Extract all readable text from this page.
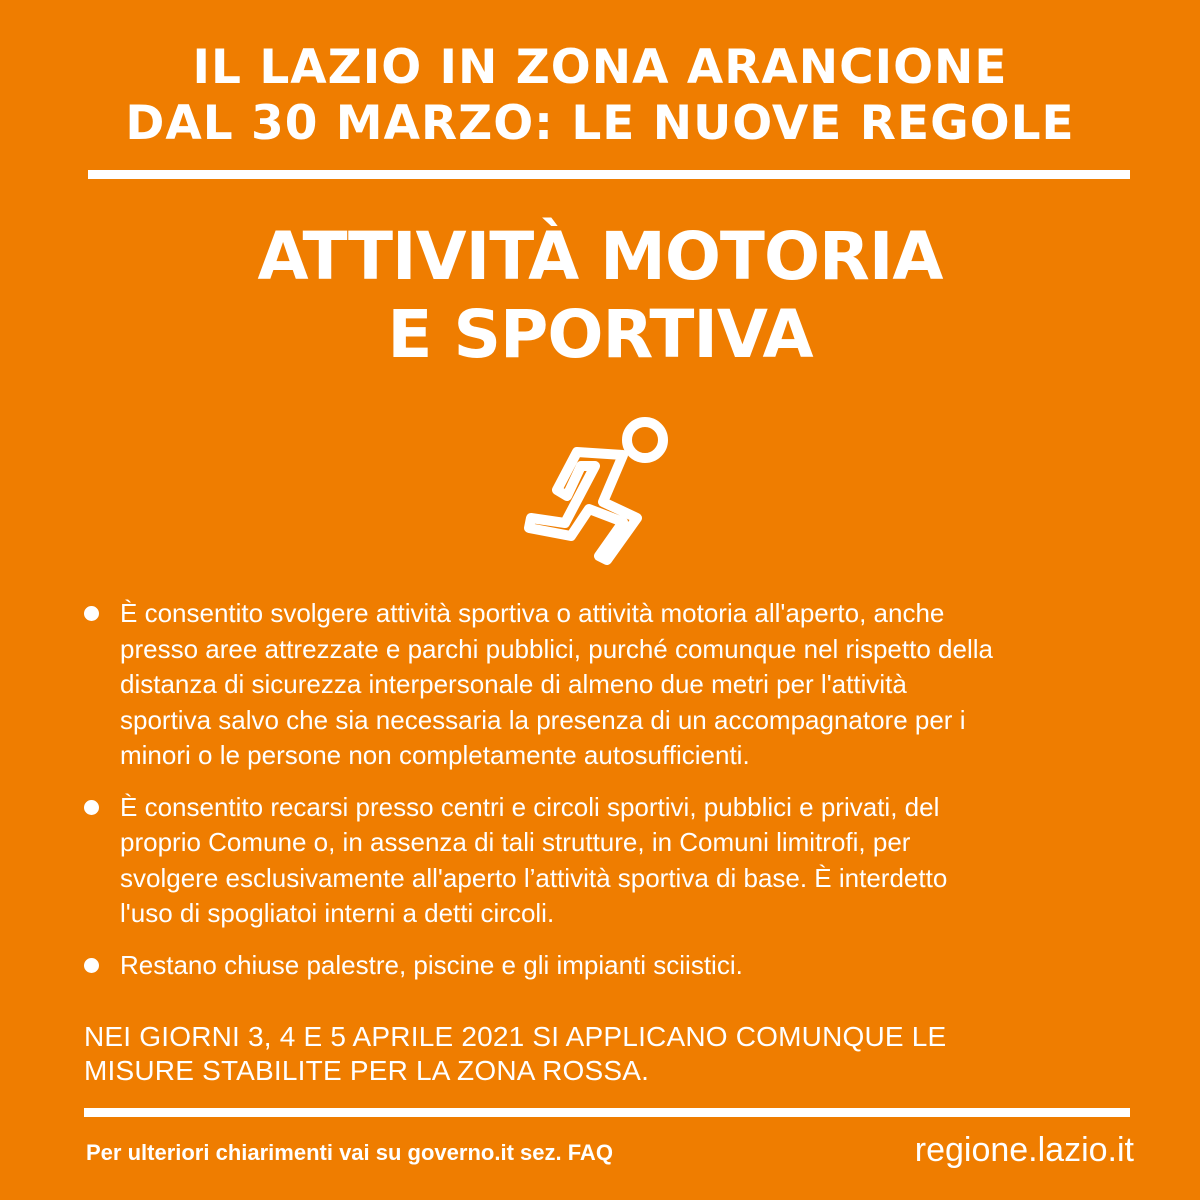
IL LAZIO IN ZONA ARANCIONE
DAL 30 MARZO: LE NUOVE REGOLE
ATTIVITÀ MOTORIA
E SPORTIVA
È consentito svolgere attività sportiva o attività motoria all'aperto, anche
presso aree attrezzate e parchi pubblici, purché comunque nel rispetto della
distanza di sicurezza interpersonale di almeno due metri per l'attività
sportiva salvo che sia necessaria la presenza di un accompagnatore per i
minori o le persone non completamente autosufficienti.
È consentito recarsi presso centri e circoli sportivi, pubblici e privati, del
proprio Comune o, in assenza di tali strutture, in Comuni limitrofi, per
svolgere esclusivamente all'aperto l’attività sportiva di base. È interdetto
l'uso di spogliatoi interni a detti circoli.
Restano chiuse palestre, piscine e gli impianti sciistici.
NEI GIORNI 3, 4 E 5 APRILE 2021 SI APPLICANO COMUNQUE LE
MISURE STABILITE PER LA ZONA ROSSA.
Per ulteriori chiarimenti vai su governo.it sez. FAQ	regione.lazio.it
